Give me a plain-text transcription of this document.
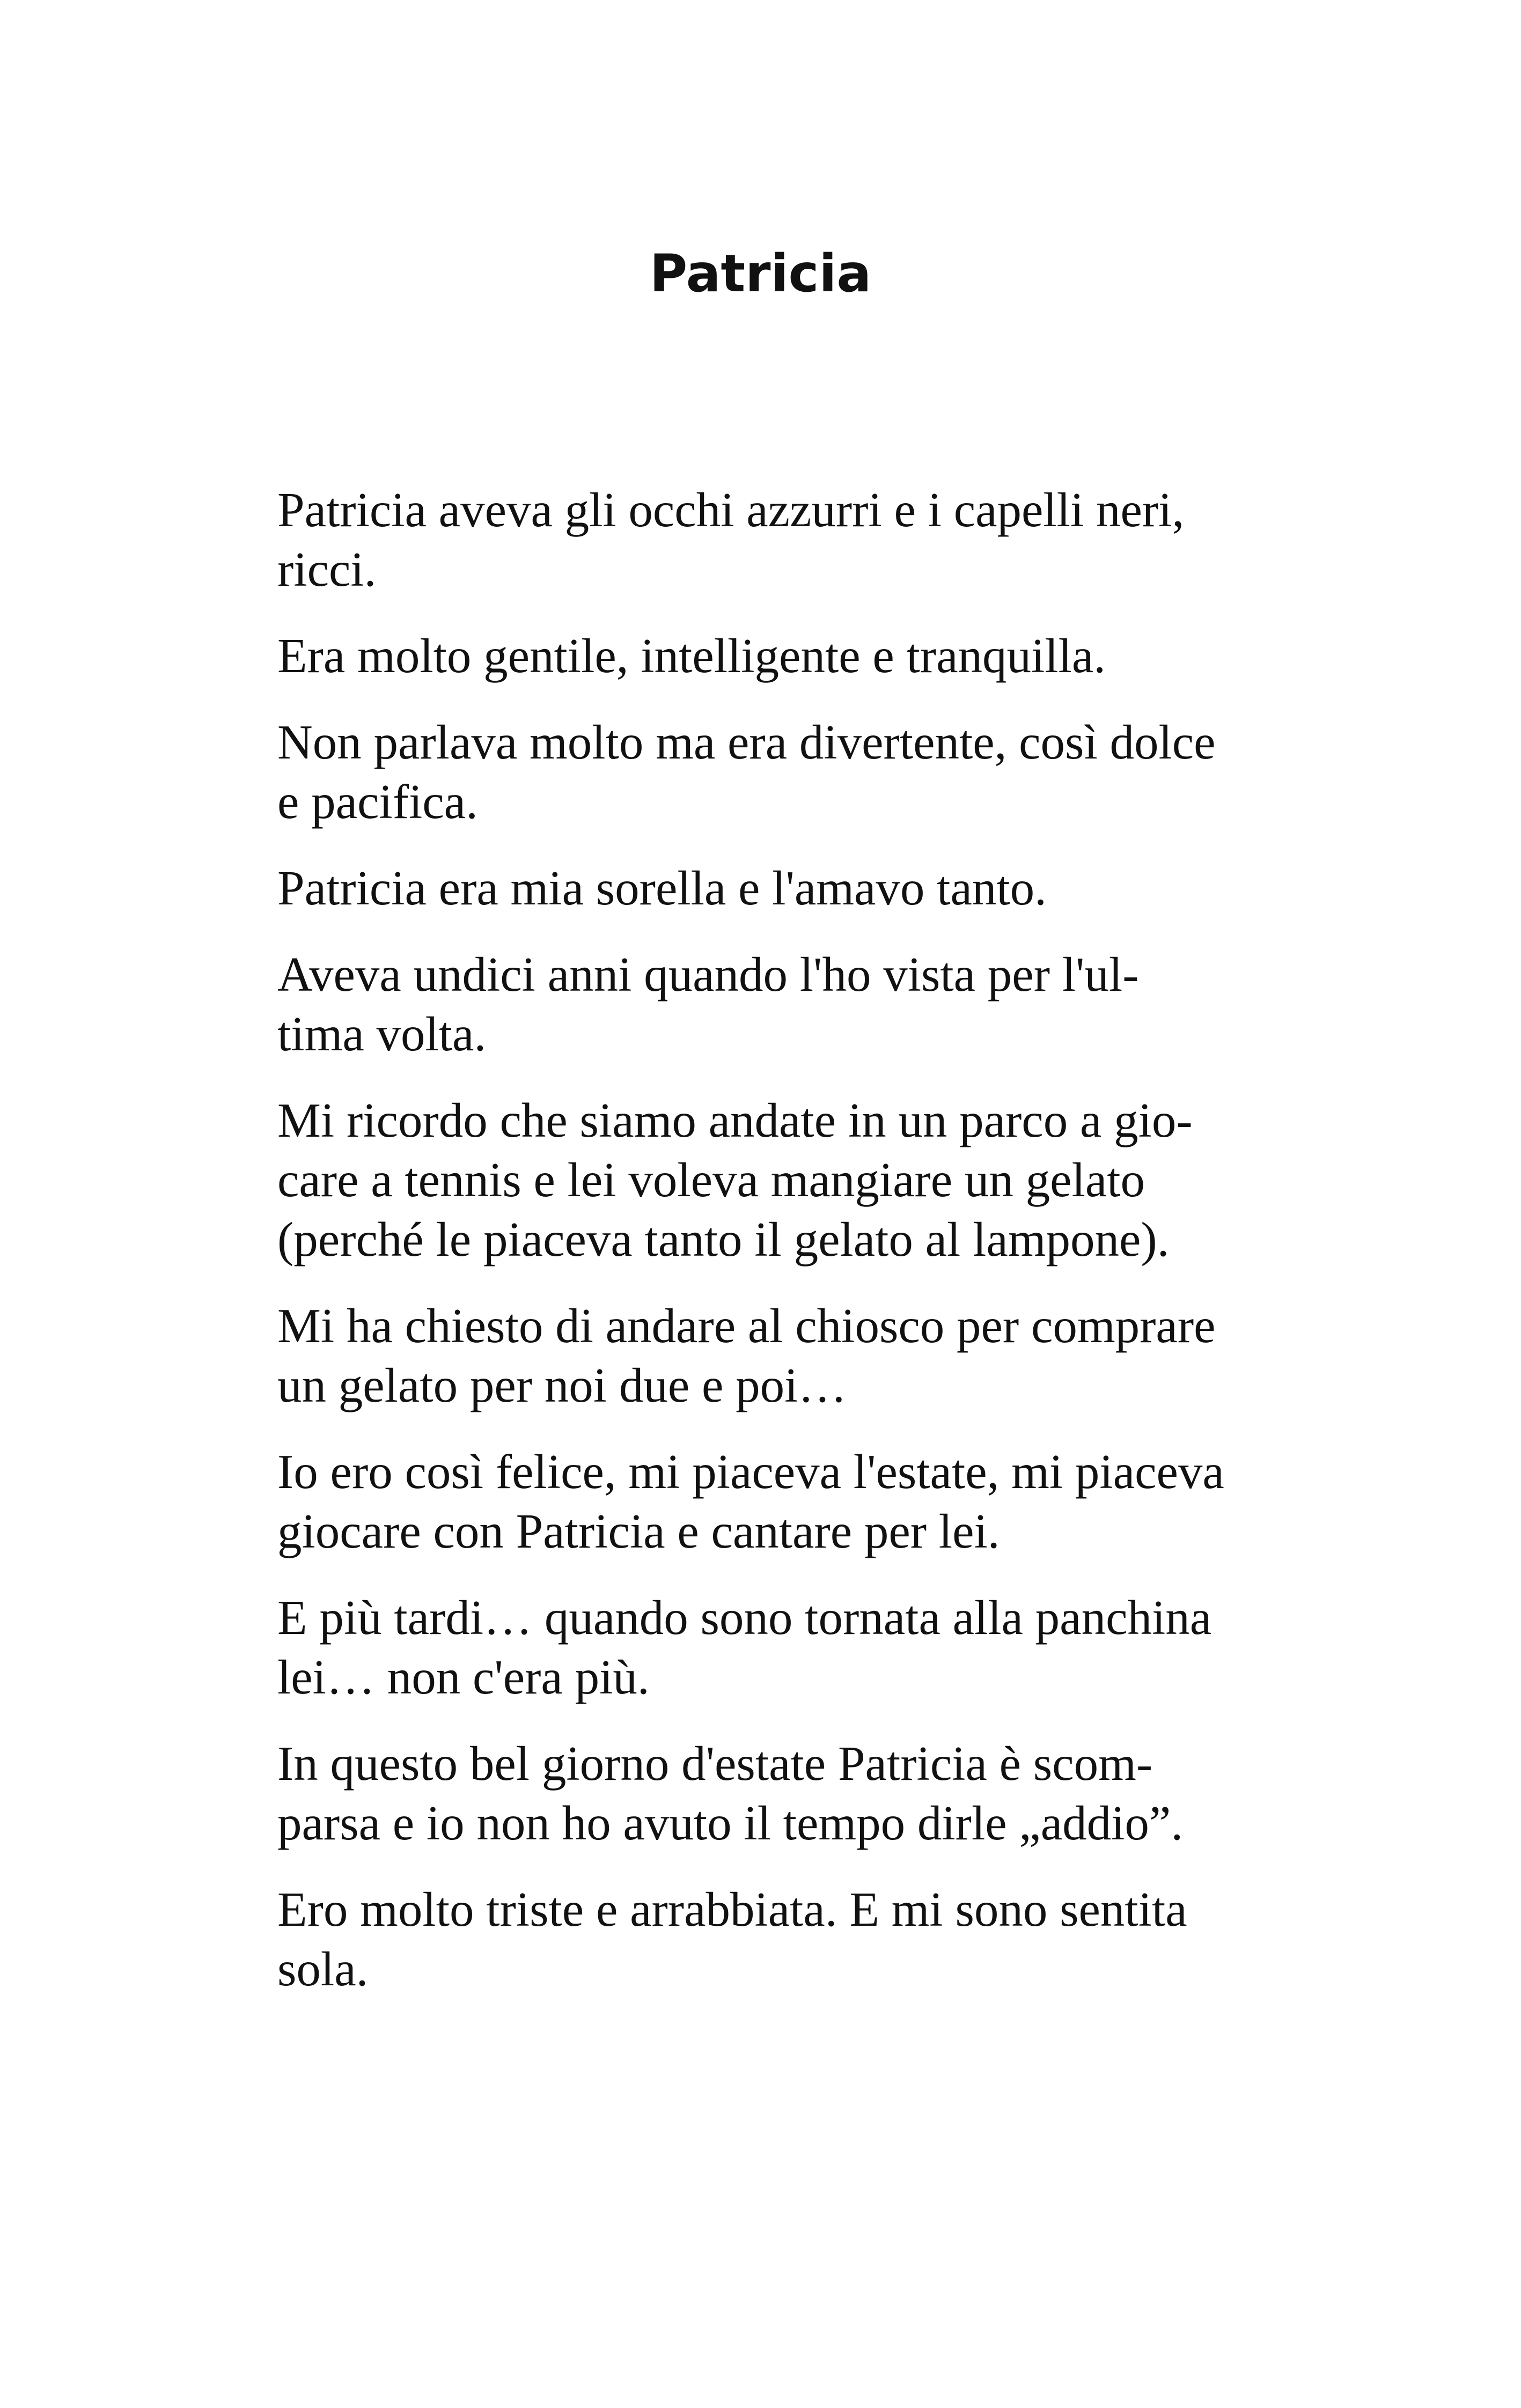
Patricia

Patricia aveva gli occhi azzurri e i capelli neri,
ricci.

Era molto gentile, intelligente e tranquilla.

Non parlava molto ma era divertente, così dolce
e pacifica.

Patricia era mia sorella e l'amavo tanto.

Aveva undici anni quando l'ho vista per l'ul-
tima volta.

Mi ricordo che siamo andate in un parco a gio-
care a tennis e lei voleva mangiare un gelato
(perché le piaceva tanto il gelato al lampone).

Mi ha chiesto di andare al chiosco per comprare
un gelato per noi due e poi…

Io ero così felice, mi piaceva l'estate, mi piaceva
giocare con Patricia e cantare per lei.

E più tardi… quando sono tornata alla panchina
lei… non c'era più.

In questo bel giorno d'estate Patricia è scom-
parsa e io non ho avuto il tempo dirle „addio”.

Ero molto triste e arrabbiata. E mi sono sentita
sola.
